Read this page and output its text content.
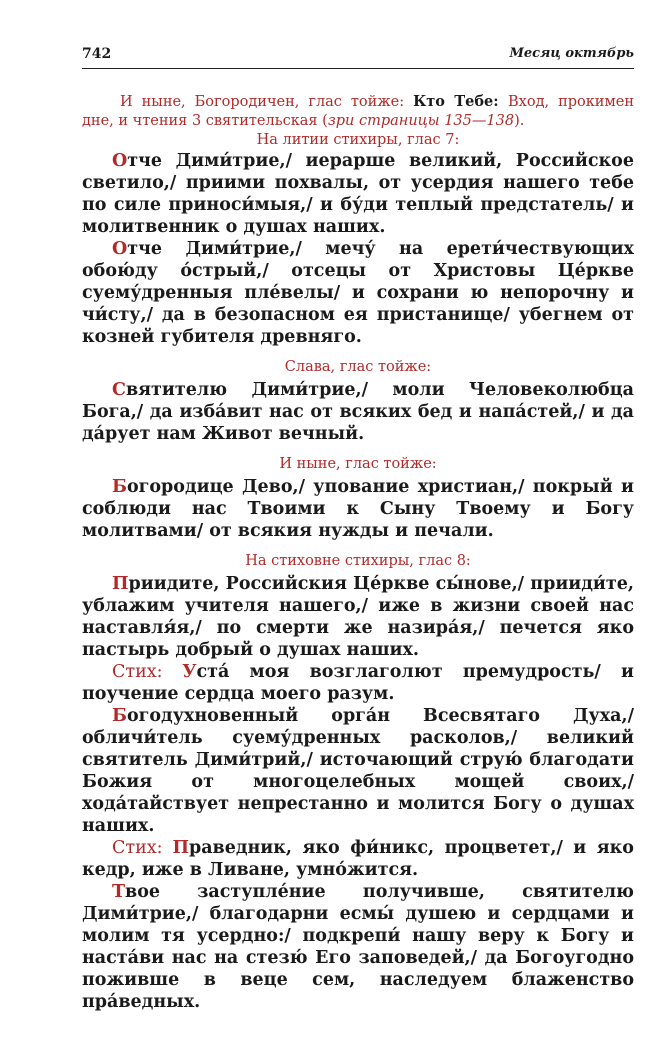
742	Месяц октябрь

И ныне, Богородичен, глас тойже: Кто Тебе: Вход, прокимен дне, и чтения 3 святительская (зри страницы 135—138).

На литии стихиры, глас 7:

Отче Дими́трие,/ иерарше великий, Российское светило,/ приими похвалы, от усердия нашего тебе по силе приноси́мыя,/ и бу́ди теплый предстатель/ и молитвенник о душах наших.

Отче Дими́трие,/ мечу́ на ерети́чествующих обою́ду о́стрый,/ отсецы от Христовы Це́ркве суему́дренныя пле́велы/ и сохрани ю непорочну и чи́сту,/ да в безопасном ея пристанище/ убегнем от козней губителя древняго.

Слава, глас тойже:

Святителю Дими́трие,/ моли Человеколюбца Бога,/ да изба́вит нас от всяких бед и напа́стей,/ и да да́рует нам Живот вечный.

И ныне, глас тойже:

Богородице Дево,/ упование христиан,/ покрый и соблюди нас Твоими к Сыну Твоему и Богу молитвами/ от всякия нужды и печали.

На стиховне стихиры, глас 8:

Приидите, Российския Це́ркве сы́нове,/ прииди́те, ублажим учителя нашего,/ иже в жизни своей нас наставля́я,/ по смерти же назира́я,/ печется яко пастырь добрый о душах наших.

Стих: Уста́ моя возглаголют премудрость/ и поучение сердца моего разум.

Богодухновенный орга́н Всесвятаго Духа,/ обличи́тель суему́дренных расколов,/ великий святитель Дими́трий,/ источающий струю́ благодати Божия от многоцелебных мощей своих,/ хода́тайствует непрестанно и молится Богу о душах наших.

Стих: Праведник, яко фи́никс, процветет,/ и яко кедр, иже в Ливане, умно́жится.

Твое заступле́ние получивше, святителю Дими́трие,/ благодарни есмы́ душею и сердцами и молим тя усердно:/ подкрепи́ нашу веру к Богу и наста́ви нас на стезю́ Его заповедей,/ да Богоугодно поживше в веце сем, наследуем блаженство пра́ведных.
